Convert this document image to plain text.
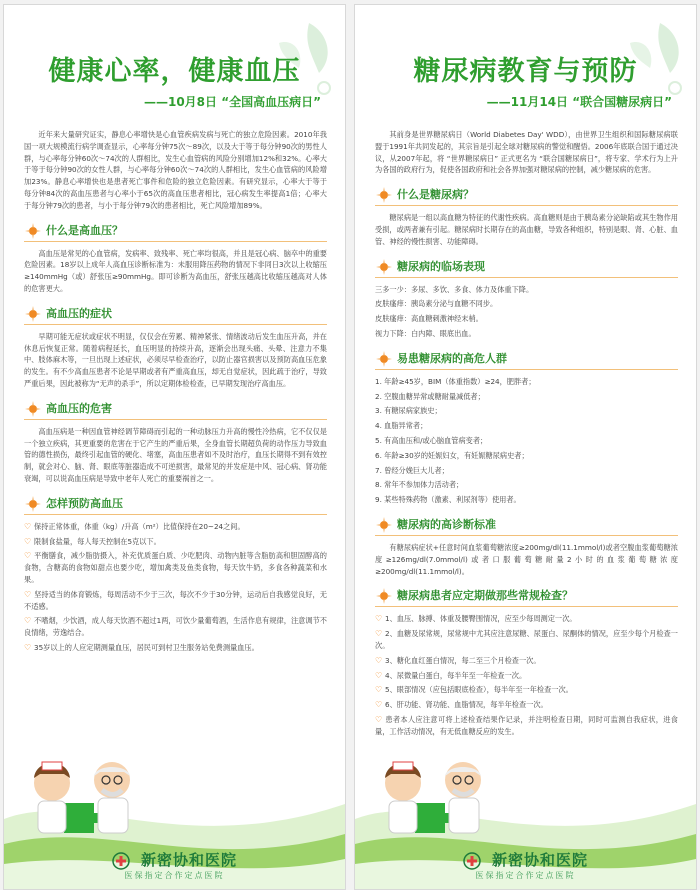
健康心率，健康血压
——10月8日 “全国高血压病日”

近年来大量研究证实，静息心率增快是心血管疾病发病与死亡的独立危险因素。2010年我国一项大规模流行病学调查显示，心率每分钟75次～89次，以及大于等于每分钟90次的男性人群，与心率每分钟60次～74次的人群相比，发生心血管病的风险分别增加12%和32%。心率大于等于每分钟90次的女性人群，与心率每分钟60次～74次的人群相比，发生心血管病的风险增加23%。静息心率增快也是患者死亡事件和危险的独立危险因素。有研究显示，心率大于等于每分钟84次的高血压患者与心率小于65次的高血压患者相比，冠心病发生率提高1倍；心率大于每分钟79次的患者，与小于每分钟79次的患者相比，死亡风险增加89%。

什么是高血压？

高血压是常见的心血管病，发病率、致残率、死亡率均很高，并且是冠心病、脑卒中的重要危险因素。18岁以上成年人高血压诊断标准为：未服用降压药物的情况下非同日3次以上收缩压≥140mmHg（或）舒张压≥90mmHg。即可诊断为高血压，舒张压越高比收缩压越高对人体的危害更大。

高血压的症状

早期可能无症状或症状不明显，仅仅会在劳累、精神紧张、情绪波动后发生血压升高，并在休息后恢复正常。随着病程延长，血压明显的持续升高，逐渐会出现头痛、头晕、注意力不集中、肢体麻木等，一旦出现上述症状，必须尽早检查治疗，以防止器官损害以及预防高血压危象的发生。有不少高血压患者不论是早期或者有严重高血压，却无自觉症状，因此疏于治疗，导致严重后果，因此被称为“无声的杀手”，所以定期体检检查，已早期发现治疗高血压。

高血压的危害

高血压病是一种因血管神经调节障碍而引起的一种动脉压力升高的慢性冷热病，它不仅仅是一个独立疾病，其更重要的危害在于它产生的严重后果，全身血管长期超负荷的动作压力导致血管的德性损伤，最终引起血管的硬化、堵塞，高血压患者如不及时治疗，血压长期得不到有效控制，就会对心、脑、肾、眼底等脏器造成不可逆损害，最常见的并发症是中风、冠心病、肾功能衰竭，可以说高血压病是导致中老年人死亡的重要祸首之一。

怎样预防高血压
♡ 保持正常体重，体重（kg）/升高（m²）比值保持在20~24之间。
♡ 限制食盐量，每人每天控制在5克以下。
♡ 平衡膳食，减少脂肪摄入，补充优质蛋白质、少吃肥肉、动物内脏等含脂肪高和胆固醇高的食物，含糖高的食物如甜点也要少吃，增加禽类及鱼类食物，每天饮牛奶，多食各种蔬菜和水果。
♡ 坚持适当的体育锻炼，每周活动不少于三次，每次不少于30分钟，运动后自我感觉良好，无不适感。
♡ 不嗜烟，少饮酒，成人每天饮酒不超过1两，可饮少量葡萄酒，生活作息有规律，注意调节不良情绪，劳逸结合。
♡ 35岁以上的人应定期测量血压，居民可到村卫生服务站免费测量血压。
新密协和医院
医保指定合作定点医院
糖尿病教育与预防
——11月14日 “联合国糖尿病日”

其前身是世界糖尿病日（World Diabetes Day' WDD），由世界卫生组织和国际糖尿病联盟于1991年共同发起的，其宗旨是引起全球对糖尿病的警觉和醒悟。2006年底联合国于通过决议，从2007年起，将 “世界糖尿病日” 正式更名为 “联合国糖尿病日”，将专家、学术行为上升为各国的政府行为，促使各国政府和社会各界加强对糖尿病的控制，减少糖尿病的危害。

什么是糖尿病？

糖尿病是一组以高血糖为特征的代谢性疾病。高血糖则是由于胰岛素分泌缺陷或其生物作用受损，或两者兼有引起。糖尿病时长期存在的高血糖，导致各种组织，特别是眼、肾、心脏、血管、神经的慢性损害、功能障碍。

糖尿病的临场表现
三多一少：多尿、多饮、多食、体力及体重下降。
皮肤瘙痒：胰岛素分泌与血糖不同步。
皮肤瘙痒：高血糖刺激神经末梢。
视力下降：白内障、眼底出血。
易患糖尿病的高危人群
1. 年龄≥45岁，BIM（体重指数）≥24，肥胖者；
2. 空腹血糖异常或糖耐量减低者；
3. 有糖尿病家族史；
4. 血脂异常者；
5. 有高血压和/或心脑血管病变者；
6. 年龄≥30岁的妊娠妇女，有妊娠糖尿病史者；
7. 曾经分娩巨大儿者；
8. 常年不参加体力活动者；
9. 某些特殊药物（激素、利尿剂等）使用者。
糖尿病的高诊断标准

有糖尿病症状+任意时间血浆葡萄糖浓度≥200mg/dl(11.1mmol/l)或者空腹血浆葡萄糖浓度≥126mg/dl(7.0mmol/l)或者口服葡萄糖耐量2小时的血浆葡萄糖浓度≥200mg/dl(11.1mmol/l)。

糖尿病患者应定期做那些常规检查？
♡ 1、血压、脉搏、体重及腰臀围情况，应至少每周测定一次。
♡ 2、血糖及尿常规，尿常规中尤其应注意尿糖、尿蛋白、尿酮体的情况，应至少每个月检查一次。
♡ 3、糖化血红蛋白情况，每二至三个月检查一次。
♡ 4、尿微量白蛋白，每半年至一年检查一次。
♡ 5、眼部情况（应包括眼底检查），每半年至一年检查一次。
♡ 6、肝功能、肾功能、血脂情况，每半年检查一次。
♡ 患者本人应注意可将上述检查结果作记录，并注明检查日期，同时可监测自我症状，进食量，工作活动情况，有无低血糖反应的发生。
新密协和医院
医保指定合作定点医院
